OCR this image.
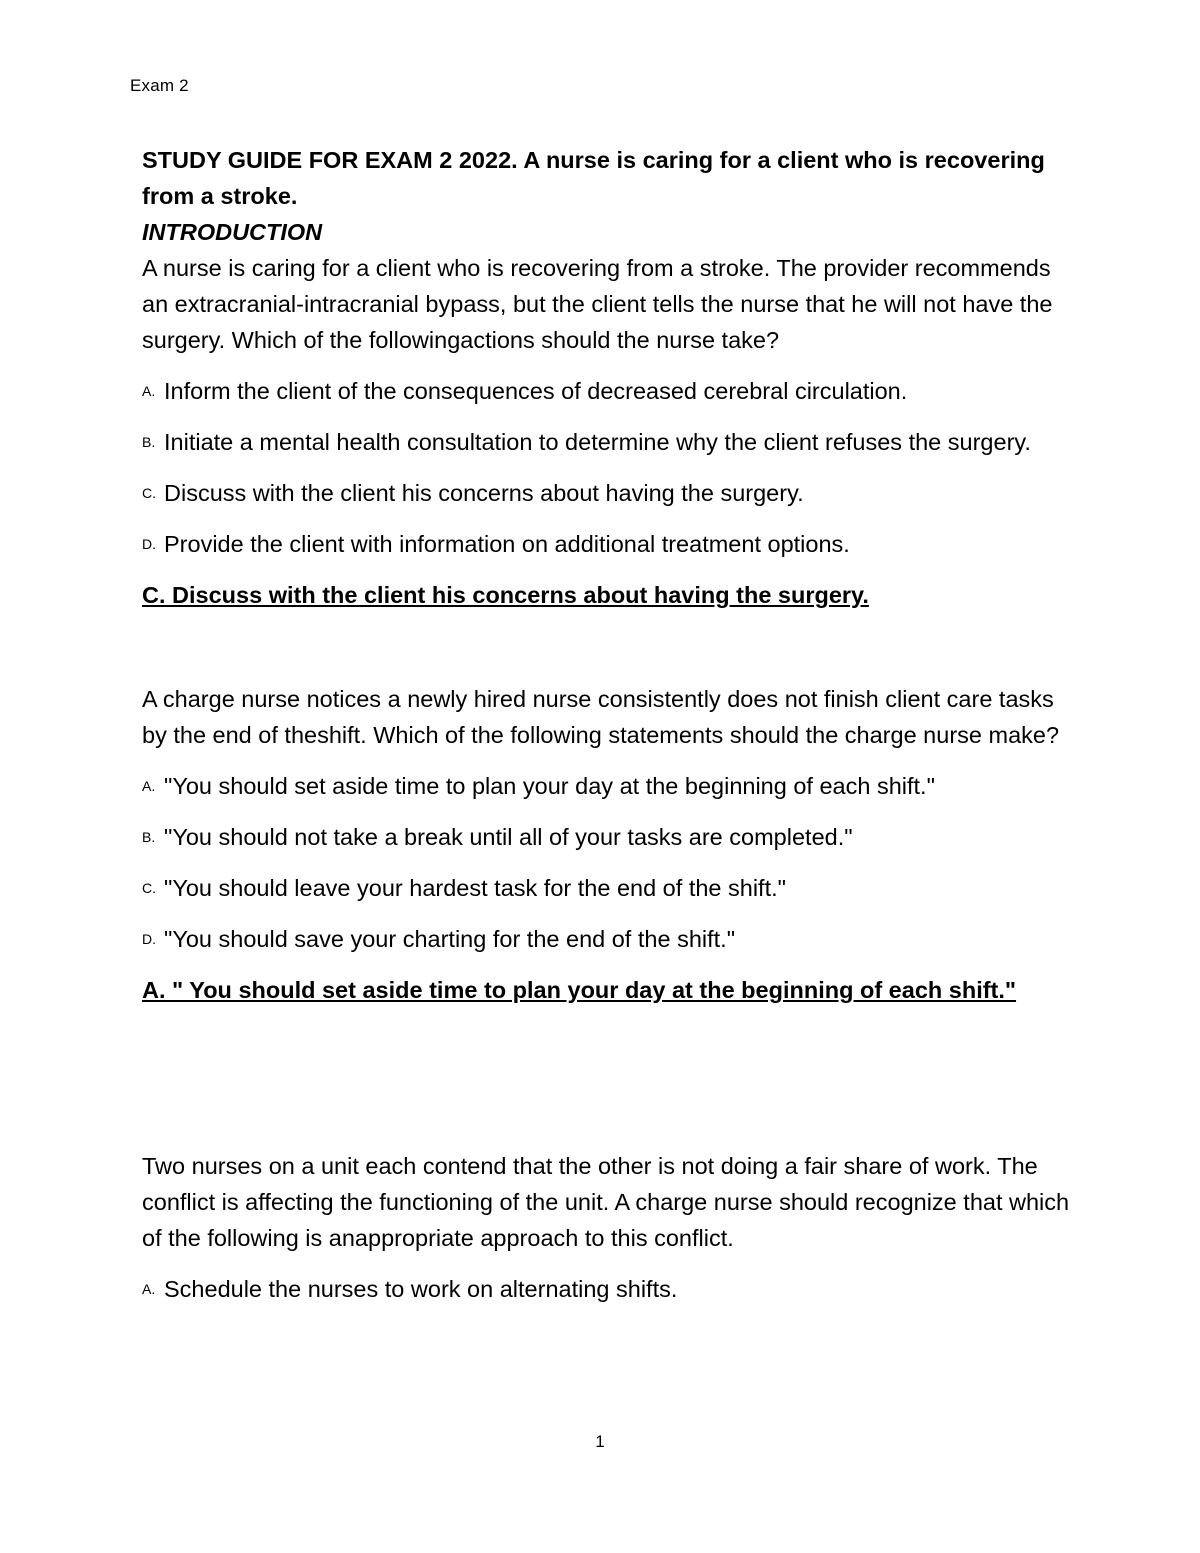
Exam 2

STUDY GUIDE FOR EXAM 2 2022. A nurse is caring for a client who is recovering from a stroke.

INTRODUCTION

A nurse is caring for a client who is recovering from a stroke. The provider recommends an extracranial-intracranial bypass, but the client tells the nurse that he will not have the surgery. Which of the followingactions should the nurse take?

A. Inform the client of the consequences of decreased cerebral circulation.
B. Initiate a mental health consultation to determine why the client refuses the surgery.
C. Discuss with the client his concerns about having the surgery.
D. Provide the client with information on additional treatment options.

C. Discuss with the client his concerns about having the surgery.

A charge nurse notices a newly hired nurse consistently does not finish client care tasks by the end of theshift. Which of the following statements should the charge nurse make?

A. "You should set aside time to plan your day at the beginning of each shift."
B. "You should not take a break until all of your tasks are completed."
C. "You should leave your hardest task for the end of the shift."
D. "You should save your charting for the end of the shift."

A. " You should set aside time to plan your day at the beginning of each shift."

Two nurses on a unit each contend that the other is not doing a fair share of work. The conflict is affecting the functioning of the unit. A charge nurse should recognize that which of the following is anappropriate approach to this conflict.

A. Schedule the nurses to work on alternating shifts.
1
